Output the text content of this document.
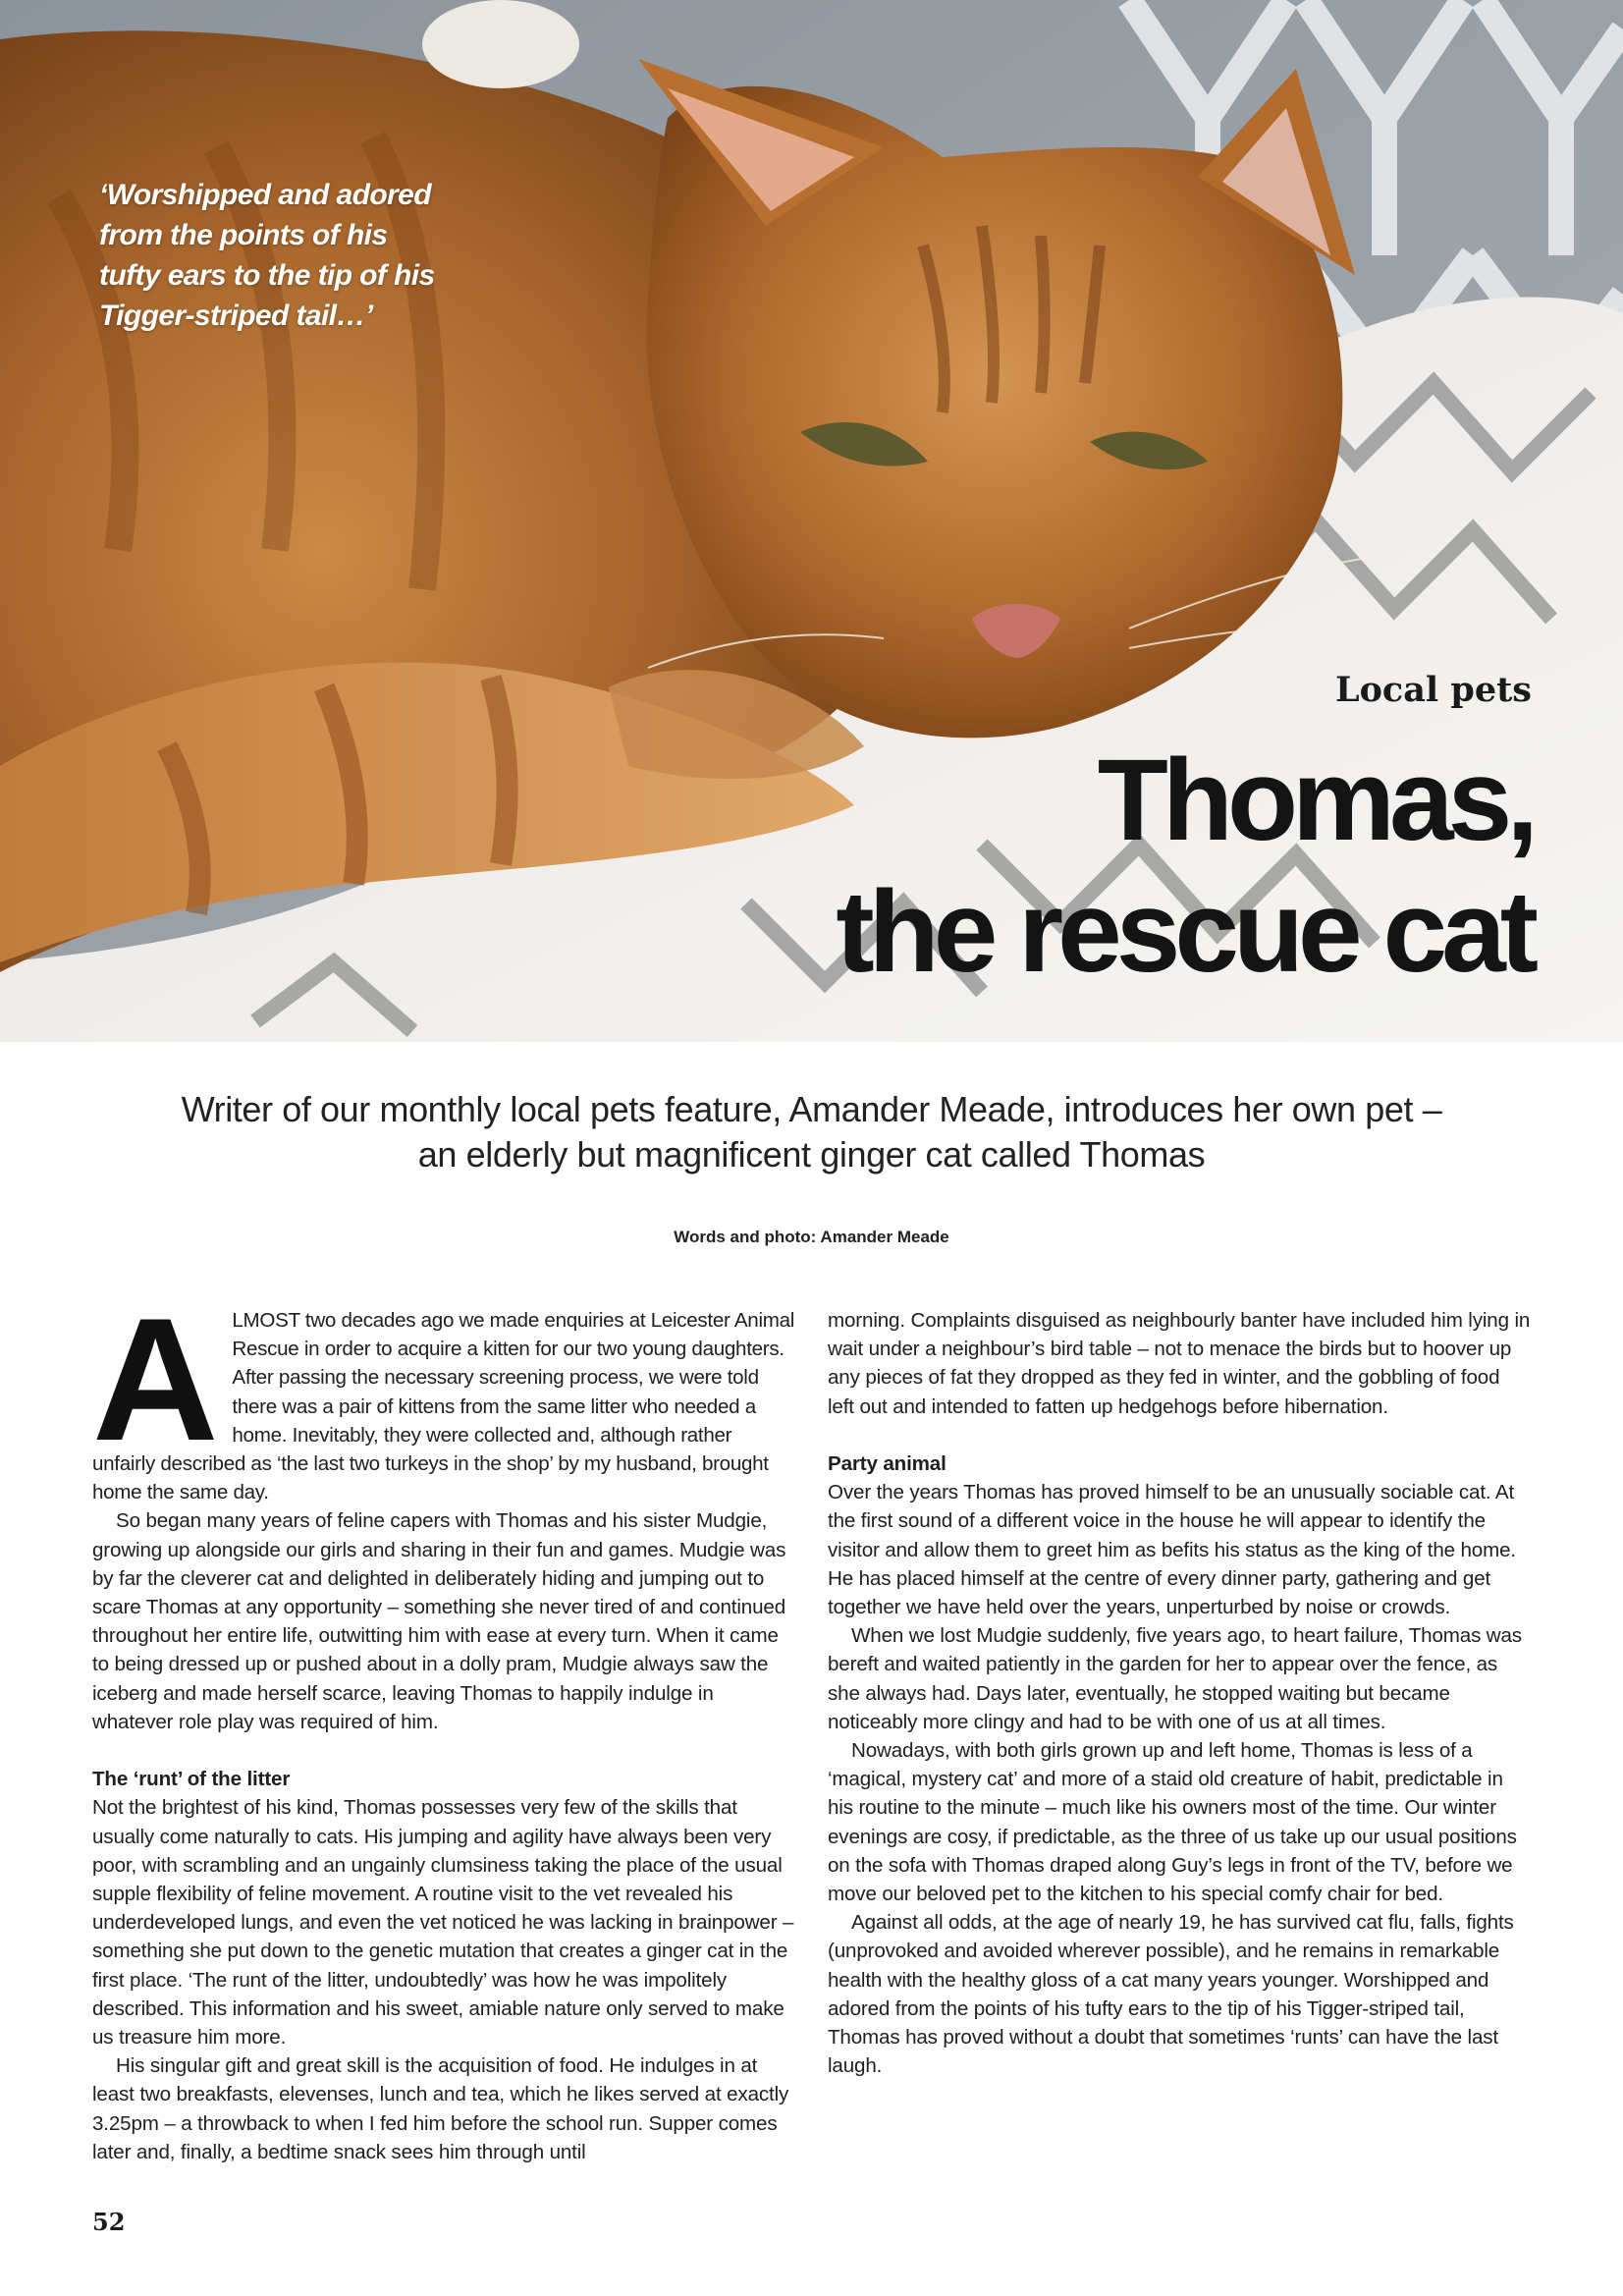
‘Worshipped and adored from the points of his tufty ears to the tip of his Tigger-striped tail…’
Local pets
Thomas,
the rescue cat
Writer of our monthly local pets feature, Amander Meade, introduces her own pet – an elderly but magnificent ginger cat called Thomas
Words and photo: Amander Meade

ALMOST two decades ago we made enquiries at Leicester Animal Rescue in order to acquire a kitten for our two young daughters. After passing the necessary screening process, we were told there was a pair of kittens from the same litter who needed a home. Inevitably, they were collected and, although rather unfairly described as ‘the last two turkeys in the shop’ by my husband, brought home the same day.

So began many years of feline capers with Thomas and his sister Mudgie, growing up alongside our girls and sharing in their fun and games. Mudgie was by far the cleverer cat and delighted in deliberately hiding and jumping out to scare Thomas at any opportunity – something she never tired of and continued throughout her entire life, outwitting him with ease at every turn. When it came to being dressed up or pushed about in a dolly pram, Mudgie always saw the iceberg and made herself scarce, leaving Thomas to happily indulge in whatever role play was required of him.

The ‘runt’ of the litter

Not the brightest of his kind, Thomas possesses very few of the skills that usually come naturally to cats. His jumping and agility have always been very poor, with scrambling and an ungainly clumsiness taking the place of the usual supple flexibility of feline movement. A routine visit to the vet revealed his underdeveloped lungs, and even the vet noticed he was lacking in brainpower – something she put down to the genetic mutation that creates a ginger cat in the first place. ‘The runt of the litter, undoubtedly’ was how he was impolitely described. This information and his sweet, amiable nature only served to make us treasure him more.

His singular gift and great skill is the acquisition of food. He indulges in at least two breakfasts, elevenses, lunch and tea, which he likes served at exactly 3.25pm – a throwback to when I fed him before the school run. Supper comes later and, finally, a bedtime snack sees him through until

morning. Complaints disguised as neighbourly banter have included him lying in wait under a neighbour’s bird table – not to menace the birds but to hoover up any pieces of fat they dropped as they fed in winter, and the gobbling of food left out and intended to fatten up hedgehogs before hibernation.

Party animal

Over the years Thomas has proved himself to be an unusually sociable cat. At the first sound of a different voice in the house he will appear to identify the visitor and allow them to greet him as befits his status as the king of the home. He has placed himself at the centre of every dinner party, gathering and get together we have held over the years, unperturbed by noise or crowds.

When we lost Mudgie suddenly, five years ago, to heart failure, Thomas was bereft and waited patiently in the garden for her to appear over the fence, as she always had. Days later, eventually, he stopped waiting but became noticeably more clingy and had to be with one of us at all times.

Nowadays, with both girls grown up and left home, Thomas is less of a ‘magical, mystery cat’ and more of a staid old creature of habit, predictable in his routine to the minute – much like his owners most of the time. Our winter evenings are cosy, if predictable, as the three of us take up our usual positions on the sofa with Thomas draped along Guy’s legs in front of the TV, before we move our beloved pet to the kitchen to his special comfy chair for bed.

Against all odds, at the age of nearly 19, he has survived cat flu, falls, fights (unprovoked and avoided wherever possible), and he remains in remarkable health with the healthy gloss of a cat many years younger. Worshipped and adored from the points of his tufty ears to the tip of his Tigger-striped tail, Thomas has proved without a doubt that sometimes ‘runts’ can have the last laugh.

52
